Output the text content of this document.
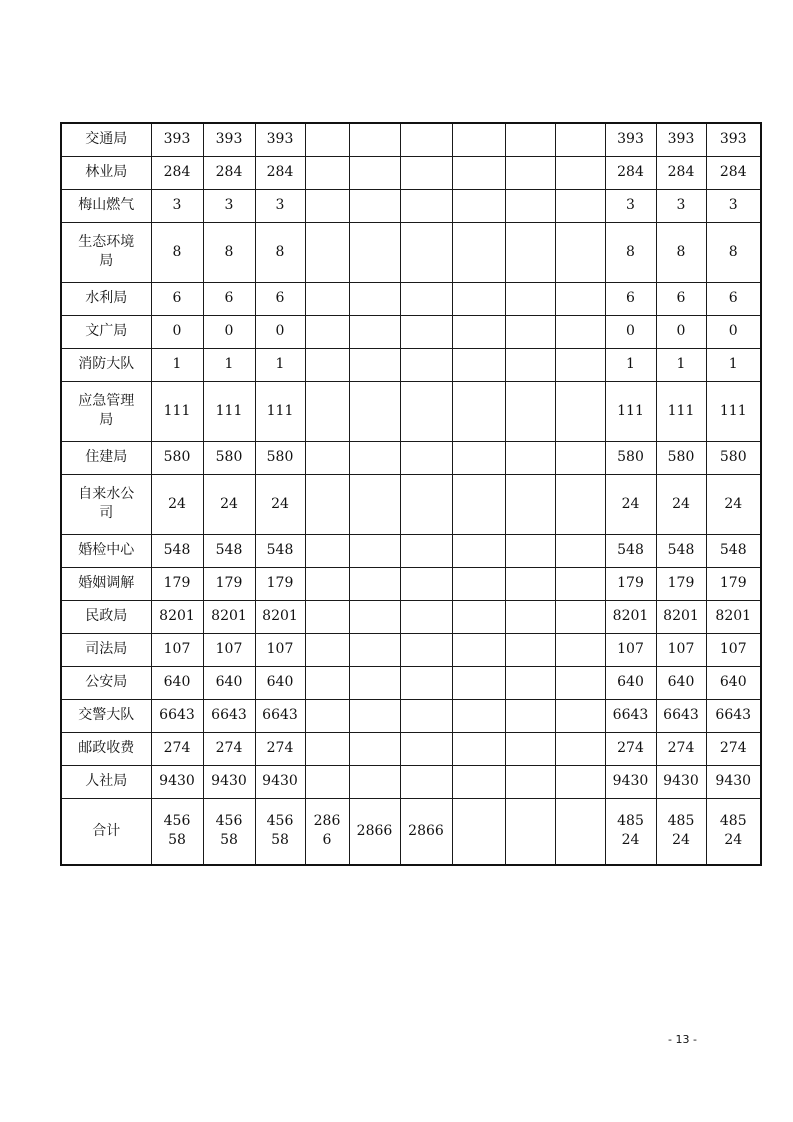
交通局	393	393	393							393	393	393
林业局	284	284	284							284	284	284
梅山燃气	3	3	3							3	3	3
生态环境局	8	8	8							8	8	8
水利局	6	6	6							6	6	6
文广局	0	0	0							0	0	0
消防大队	1	1	1							1	1	1
应急管理局	111	111	111							111	111	111
住建局	580	580	580							580	580	580
自来水公司	24	24	24							24	24	24
婚检中心	548	548	548							548	548	548
婚姻调解	179	179	179							179	179	179
民政局	8201	8201	8201							8201	8201	8201
司法局	107	107	107							107	107	107
公安局	640	640	640							640	640	640
交警大队	6643	6643	6643							6643	6643	6643
邮政收费	274	274	274							274	274	274
人社局	9430	9430	9430							9430	9430	9430
合计	45658	45658	45658	2866	2866	2866				48524	48524	48524
- 13 -
